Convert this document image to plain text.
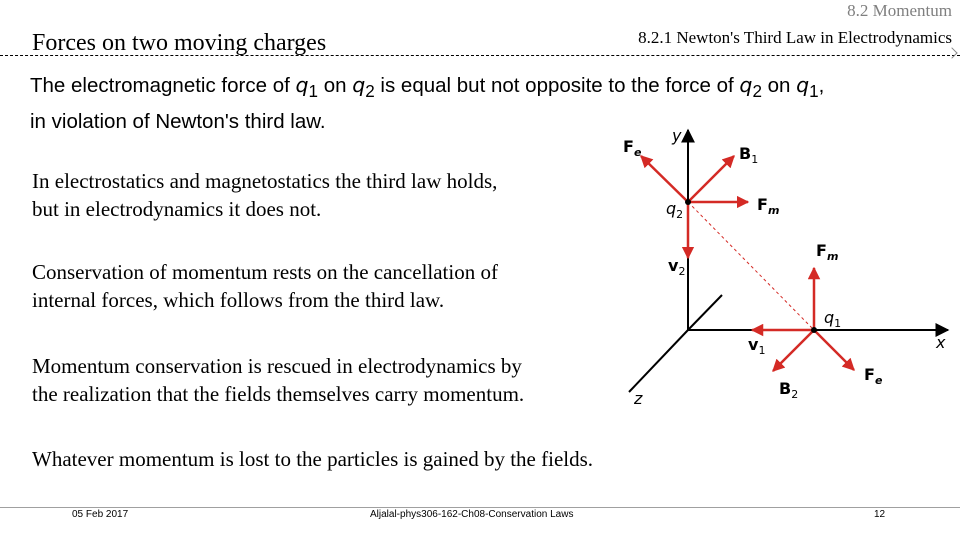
8.2 Momentum
8.2.1 Newton's Third Law in Electrodynamics
Forces on two moving charges
The electromagnetic force of $q_1$ on $q_2$ is equal but not opposite to the force of $q_2$ on $q_1$,
in violation of Newton's third law.
In electrostatics and magnetostatics the third law holds,
but in electrodynamics it does not.
Conservation of momentum rests on the cancellation of
internal forces, which follows from the third law.
Momentum conservation is rescued in electrodynamics by
the realization that the fields themselves carry momentum.
Whatever momentum is lost to the particles is gained by the fields.
y
x
z
$q_2$
$q_1$
$F_e$	$B_1$
$F_m$
$v_2$
$F_m$
$v_1$
$B_2$
$F_e$
05 Feb 2017	Aljalal-phys306-162-Ch08-Conservation Laws	12
